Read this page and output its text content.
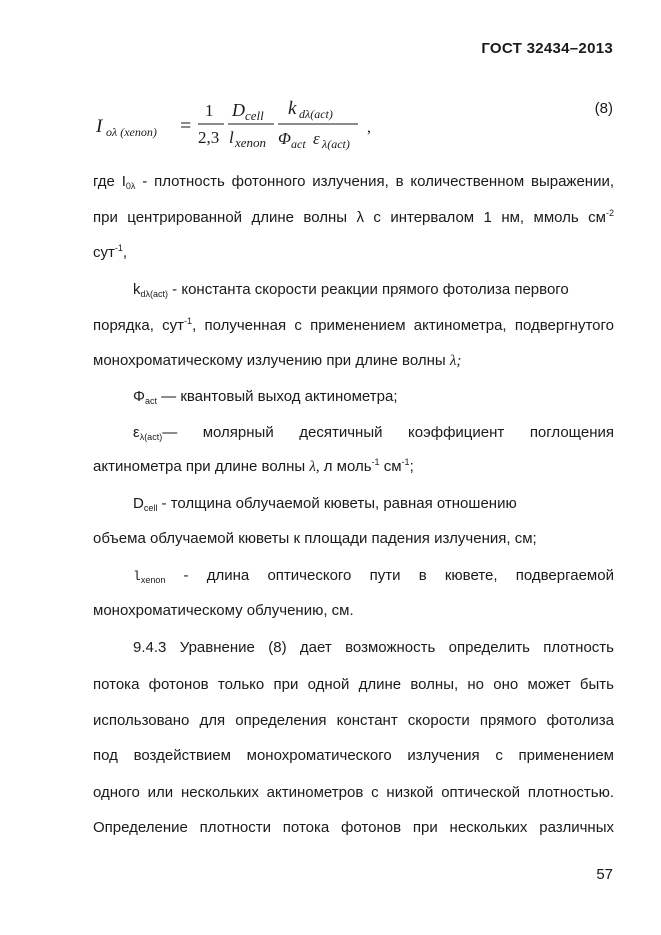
ГОСТ 32434–2013
I oλ (xenon) =
1
2,3
D cell
l xenon
k dλ(act)
Φ act ε λ(act)
,
(8)
где $I_{0\lambda}$ - плотность фотонного излучения, в количественном выражении,
при центрированной длине волны λ с интервалом 1 нм, ммоль $см^{-2}$
сут$^{-1}$,
$k_{d\lambda(act)}$ - константа скорости реакции прямого фотолиза первого
порядка, сут$^{-1}$, полученная с применением актинометра, подвергнутого
монохроматическому излучению при длине волны λ;
$\Phi_{act}$ — квантовый выход актинометра;
$\varepsilon_{\lambda(act)}—$ молярный десятичный коэффициент поглощения
актинометра при длине волны λ, л моль$^{-1}$ $см^{-1}$;
$D_{cell}$ - толщина облучаемой кюветы, равная отношению
объема облучаемой кюветы к площади падения излучения, см;
$l_{xenon}$ - длина оптического пути в кювете, подвергаемой
монохроматическому облучению, см.
9.4.3 Уравнение (8) дает возможность определить плотность
потока фотонов только при одной длине волны, но оно может быть
использовано для определения констант скорости прямого фотолиза
под воздействием монохроматического излучения с применением
одного или нескольких актинометров с низкой оптической плотностью.
Определение плотности потока фотонов при нескольких различных
57
